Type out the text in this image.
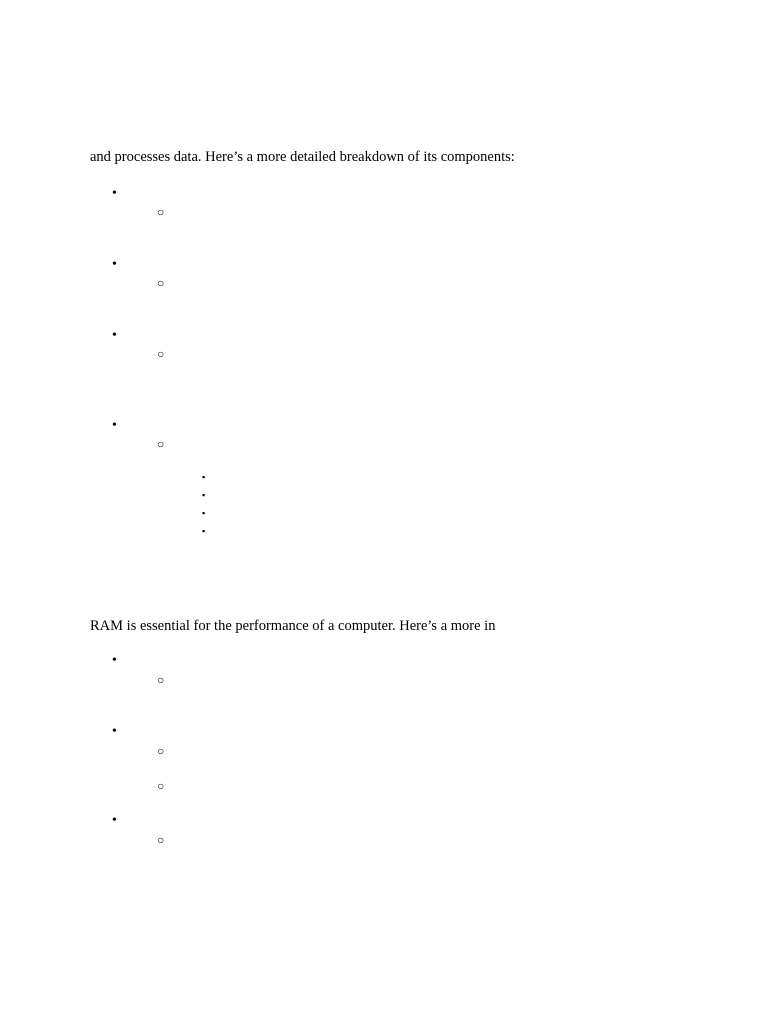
and processes data. Here’s a more detailed breakdown of its components:
•
○
•
○
•
○
•
○
▪
▪
▪
▪
RAM is essential for the performance of a computer. Here’s a more in
•
○
•
○
○
•
○
